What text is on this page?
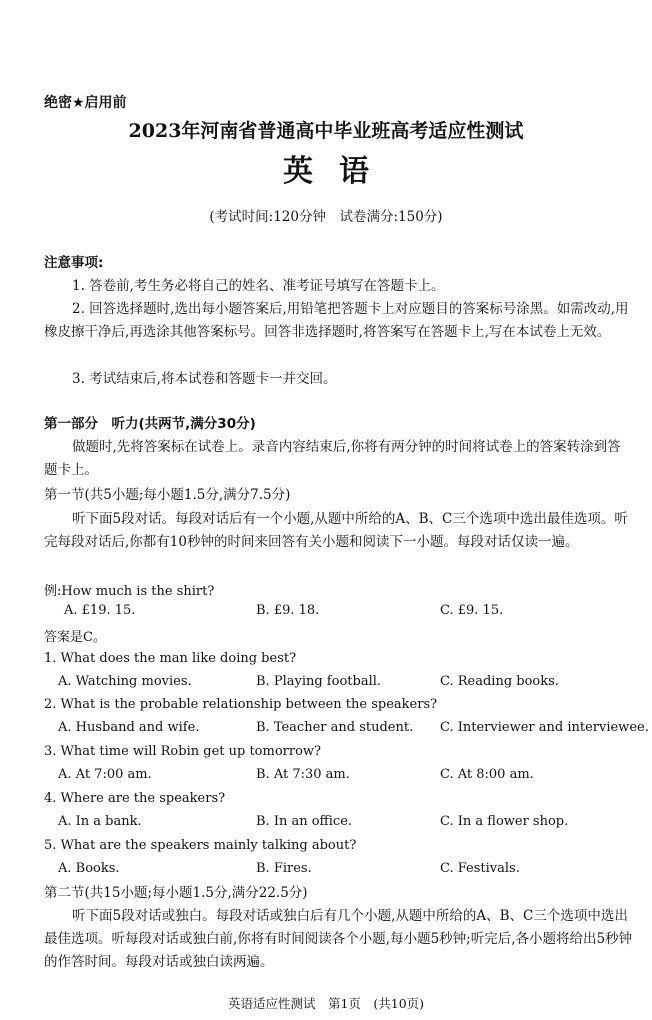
绝密★启用前
2023年河南省普通高中毕业班高考适应性测试
英语
(考试时间:120分钟　试卷满分:150分)
注意事项:
1. 答卷前,考生务必将自己的姓名、准考证号填写在答题卡上。
2. 回答选择题时,选出每小题答案后,用铅笔把答题卡上对应题目的答案标号涂黑。如需改动,用橡皮擦干净后,再选涂其他答案标号。回答非选择题时,将答案写在答题卡上,写在本试卷上无效。
3. 考试结束后,将本试卷和答题卡一并交回。
第一部分　听力(共两节,满分30分)
做题时,先将答案标在试卷上。录音内容结束后,你将有两分钟的时间将试卷上的答案转涂到答题卡上。
第一节(共5小题;每小题1.5分,满分7.5分)
听下面5段对话。每段对话后有一个小题,从题中所给的A、B、C三个选项中选出最佳选项。听完每段对话后,你都有10秒钟的时间来回答有关小题和阅读下一小题。每段对话仅读一遍。
例:How much is the shirt?
A. £19. 15.	B. £9. 18.	C. £9. 15.
答案是C。
1. What does the man like doing best?
A. Watching movies.	B. Playing football.	C. Reading books.
2. What is the probable relationship between the speakers?
A. Husband and wife.	B. Teacher and student. C. Interviewer and interviewee.
3. What time will Robin get up tomorrow?
A. At 7:00 am.	B. At 7:30 am.	C. At 8:00 am.
4. Where are the speakers?
A. In a bank.	B. In an office.	C. In a flower shop.
5. What are the speakers mainly talking about?
A. Books.	B. Fires.	C. Festivals.
第二节(共15小题;每小题1.5分,满分22.5分)
听下面5段对话或独白。每段对话或独白后有几个小题,从题中所给的A、B、C三个选项中选出最佳选项。听每段对话或独白前,你将有时间阅读各个小题,每小题5秒钟;听完后,各小题将给出5秒钟的作答时间。每段对话或独白读两遍。
英语适应性测试　第1页　(共10页)
